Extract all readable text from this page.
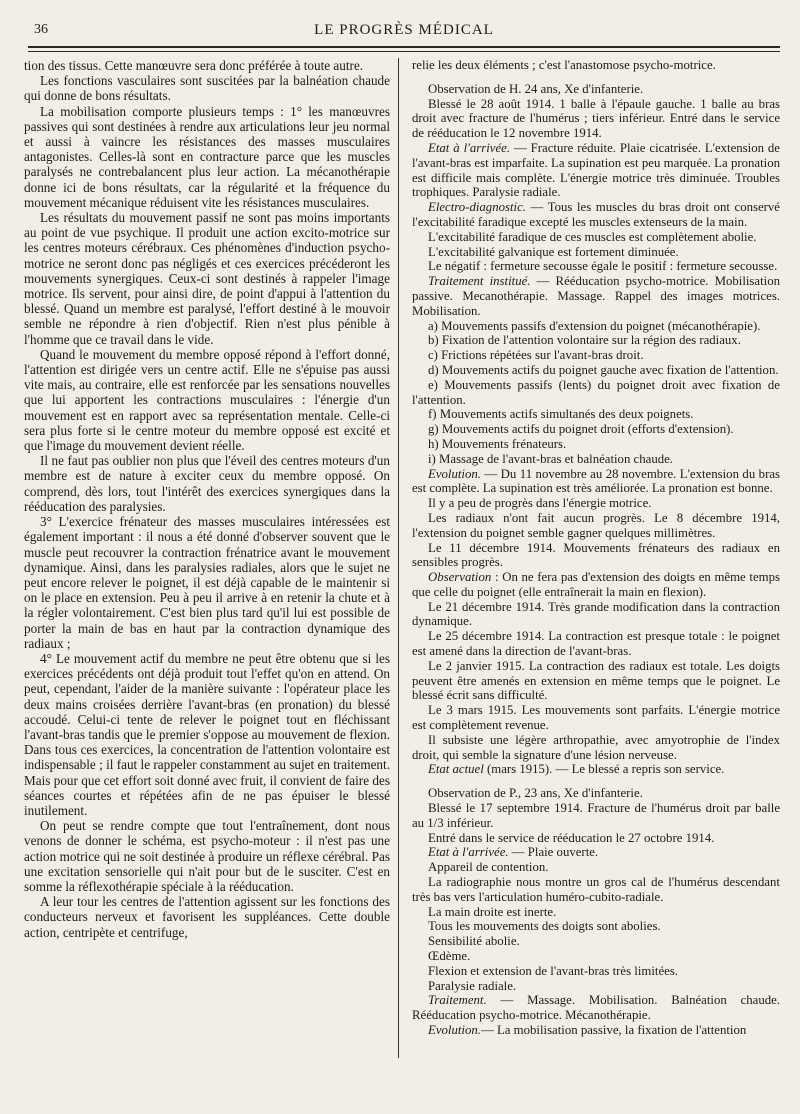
36	LE PROGRÈS MÉDICAL

tion des tissus. Cette manœuvre sera donc préférée à toute autre.

Les fonctions vasculaires sont suscitées par la balnéation chaude qui donne de bons résultats.

La mobilisation comporte plusieurs temps : 1° les manœuvres passives qui sont destinées à rendre aux articulations leur jeu normal et aussi à vaincre les résistances des masses musculaires antagonistes. Celles-là sont en contracture parce que les muscles paralysés ne contrebalancent plus leur action. La mécanothérapie donne ici de bons résultats, car la régularité et la fréquence du mouvement mécanique réduisent vite les résistances musculaires.

Les résultats du mouvement passif ne sont pas moins importants au point de vue psychique. Il produit une action excito-motrice sur les centres moteurs cérébraux. Ces phénomènes d'induction psycho-motrice ne seront donc pas négligés et ces exercices précéderont les mouvements synergiques. Ceux-ci sont destinés à rappeler l'image motrice. Ils servent, pour ainsi dire, de point d'appui à l'attention du blessé. Quand un membre est paralysé, l'effort destiné à le mouvoir semble ne répondre à rien d'objectif. Rien n'est plus pénible à l'homme que ce travail dans le vide.

Quand le mouvement du membre opposé répond à l'effort donné, l'attention est dirigée vers un centre actif. Elle ne s'épuise pas aussi vite mais, au contraire, elle est renforcée par les sensations nouvelles que lui apportent les contractions musculaires : l'énergie d'un mouvement est en rapport avec sa représentation mentale. Celle-ci sera plus forte si le centre moteur du membre opposé est excité et que l'image du mouvement devient réelle.

Il ne faut pas oublier non plus que l'éveil des centres moteurs d'un membre est de nature à exciter ceux du membre opposé. On comprend, dès lors, tout l'intérêt des exercices synergiques dans la rééducation des paralysies.

3° L'exercice frénateur des masses musculaires intéressées est également important : il nous a été donné d'observer souvent que le muscle peut recouvrer la contraction frénatrice avant le mouvement dynamique. Ainsi, dans les paralysies radiales, alors que le sujet ne peut encore relever le poignet, il est déjà capable de le maintenir si on le place en extension. Peu à peu il arrive à en retenir la chute et à la régler volontairement. C'est bien plus tard qu'il lui est possible de porter la main de bas en haut par la contraction dynamique des radiaux ;

4° Le mouvement actif du membre ne peut être obtenu que si les exercices précédents ont déjà produit tout l'effet qu'on en attend. On peut, cependant, l'aider de la manière suivante : l'opérateur place les deux mains croisées derrière l'avant-bras (en pronation) du blessé accoudé. Celui-ci tente de relever le poignet tout en fléchissant l'avant-bras tandis que le premier s'oppose au mouvement de flexion. Dans tous ces exercices, la concentration de l'attention volontaire est indispensable ; il faut le rappeler constamment au sujet en traitement. Mais pour que cet effort soit donné avec fruit, il convient de faire des séances courtes et répétées afin de ne pas épuiser le blessé inutilement.

On peut se rendre compte que tout l'entraînement, dont nous venons de donner le schéma, est psycho-moteur : il n'est pas une action motrice qui ne soit destinée à produire un réflexe cérébral. Pas une excitation sensorielle qui n'ait pour but de le susciter. C'est en somme la réflexothérapie spéciale à la rééducation.

A leur tour les centres de l'attention agissent sur les fonctions des conducteurs nerveux et favorisent les suppléances. Cette double action, centripète et centrifuge,

relie les deux éléments ; c'est l'anastomose psycho-motrice.

Observation de H. 24 ans, Xe d'infanterie.

Blessé le 28 août 1914. 1 balle à l'épaule gauche. 1 balle au bras droit avec fracture de l'humérus ; tiers inférieur. Entré dans le service de rééducation le 12 novembre 1914.

Etat à l'arrivée. — Fracture réduite. Plaie cicatrisée. L'extension de l'avant-bras est imparfaite. La supination est peu marquée. La pronation est difficile mais complète. L'énergie motrice très diminuée. Troubles trophiques. Paralysie radiale.

Electro-diagnostic. — Tous les muscles du bras droit ont conservé l'excitabilité faradique excepté les muscles extenseurs de la main.

L'excitabilité faradique de ces muscles est complètement abolie.

L'excitabilité galvanique est fortement diminuée.

Le négatif : fermeture secousse égale le positif : fermeture secousse.

Traitement institué. — Rééducation psycho-motrice. Mobilisation passive. Mecanothérapie. Massage. Rappel des images motrices. Mobilisation.

a) Mouvements passifs d'extension du poignet (mécanothérapie).

b) Fixation de l'attention volontaire sur la région des radiaux.

c) Frictions répétées sur l'avant-bras droit.

d) Mouvements actifs du poignet gauche avec fixation de l'attention.

e) Mouvements passifs (lents) du poignet droit avec fixation de l'attention.

f) Mouvements actifs simultanés des deux poignets.

g) Mouvements actifs du poignet droit (efforts d'extension).

h) Mouvements frénateurs.

i) Massage de l'avant-bras et balnéation chaude.

Evolution. — Du 11 novembre au 28 novembre. L'extension du bras est complète. La supination est très améliorée. La pronation est bonne.

Il y a peu de progrès dans l'énergie motrice.

Les radiaux n'ont fait aucun progrès. Le 8 décembre 1914, l'extension du poignet semble gagner quelques millimètres.

Le 11 décembre 1914. Mouvements frénateurs des radiaux en sensibles progrès.

Observation : On ne fera pas d'extension des doigts en même temps que celle du poignet (elle entraînerait la main en flexion).

Le 21 décembre 1914. Très grande modification dans la contraction dynamique.

Le 25 décembre 1914. La contraction est presque totale : le poignet est amené dans la direction de l'avant-bras.

Le 2 janvier 1915. La contraction des radiaux est totale. Les doigts peuvent être amenés en extension en même temps que le poignet. Le blessé écrit sans difficulté.

Le 3 mars 1915. Les mouvements sont parfaits. L'énergie motrice est complètement revenue.

Il subsiste une légère arthropathie, avec amyotrophie de l'index droit, qui semble la signature d'une lésion nerveuse.

Etat actuel (mars 1915). — Le blessé a repris son service.

Observation de P., 23 ans, Xe d'infanterie.

Blessé le 17 septembre 1914. Fracture de l'humérus droit par balle au 1/3 inférieur.

Entré dans le service de rééducation le 27 octobre 1914.

Etat à l'arrivée. — Plaie ouverte.

Appareil de contention.

La radiographie nous montre un gros cal de l'humérus descendant très bas vers l'articulation huméro-cubito-radiale.

La main droite est inerte.

Tous les mouvements des doigts sont abolies.

Sensibilité abolie.

Œdème.

Flexion et extension de l'avant-bras très limitées.

Paralysie radiale.

Traitement. — Massage. Mobilisation. Balnéation chaude. Rééducation psycho-motrice. Mécanothérapie.

Evolution.— La mobilisation passive, la fixation de l'attention
